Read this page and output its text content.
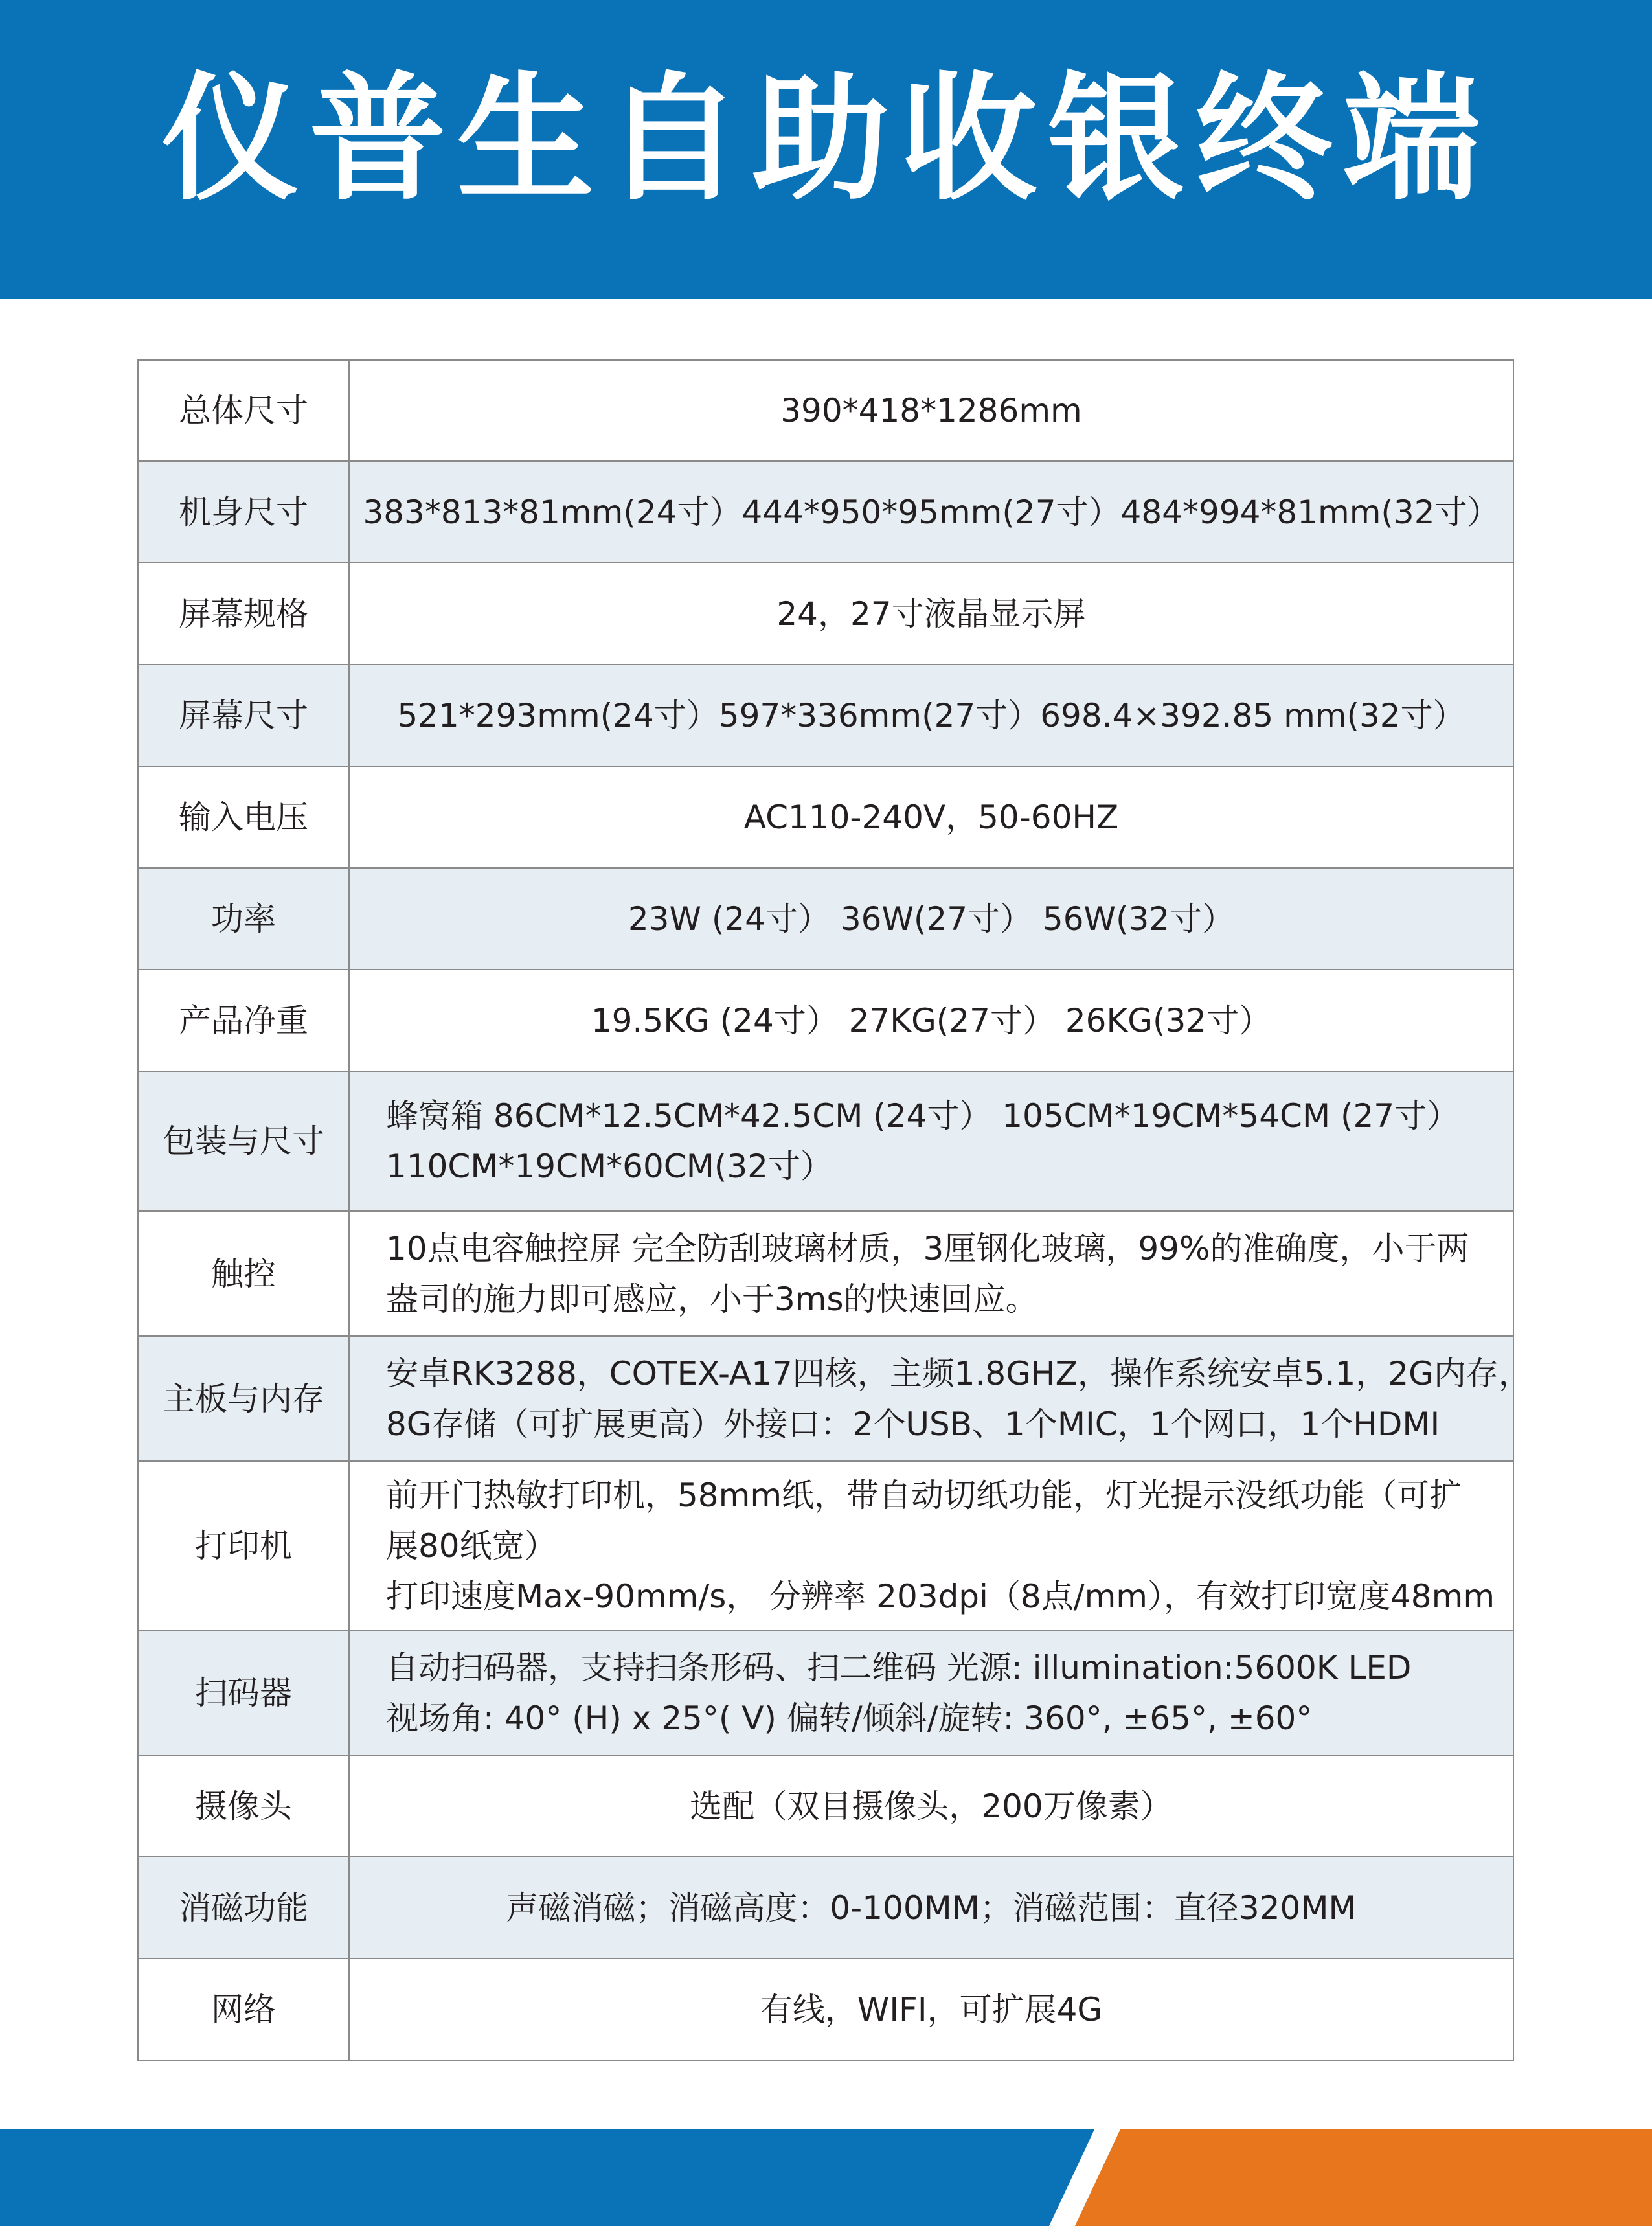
仪普生自助收银终端
总体尺寸	390*418*1286mm
机身尺寸	383*813*81mm(24寸）444*950*95mm(27寸）484*994*81mm(32寸）
屏幕规格	24，27寸液晶显示屏
屏幕尺寸	521*293mm(24寸）597*336mm(27寸）698.4×392.85 mm(32寸）
输入电压	AC110-240V，50-60HZ
功率	23W (24寸） 36W(27寸） 56W(32寸）
产品净重	19.5KG (24寸） 27KG(27寸） 26KG(32寸）
包装与尺寸	蜂窝箱 86CM*12.5CM*42.5CM (24寸） 105CM*19CM*54CM (27寸）
110CM*19CM*60CM(32寸）

触控	10点电容触控屏 完全防刮玻璃材质，3厘钢化玻璃，99%的准确度，小于两
盎司的施力即可感应，小于3ms的快速回应。

主板与内存	安卓RK3288，COTEX-A17四核，主频1.8GHZ，操作系统安卓5.1，2G内存，
8G存储（可扩展更高）外接口：2个USB、1个MIC，1个网口，1个HDMI

打印机	前开门热敏打印机，58mm纸，带自动切纸功能，灯光提示没纸功能（可扩
展80纸宽）
打印速度Max-90mm/s， 分辨率 203dpi（8点/mm），有效打印宽度48mm

扫码器	自动扫码器，支持扫条形码、扫二维码 光源: illumination:5600K LED
视场角: 40° (H) x 25°( V) 偏转/倾斜/旋转: 360°, ±65°, ±60°

摄像头	选配（双目摄像头，200万像素）
消磁功能	声磁消磁；消磁高度：0-100MM；消磁范围：直径320MM
网络	有线，WIFI，可扩展4G
